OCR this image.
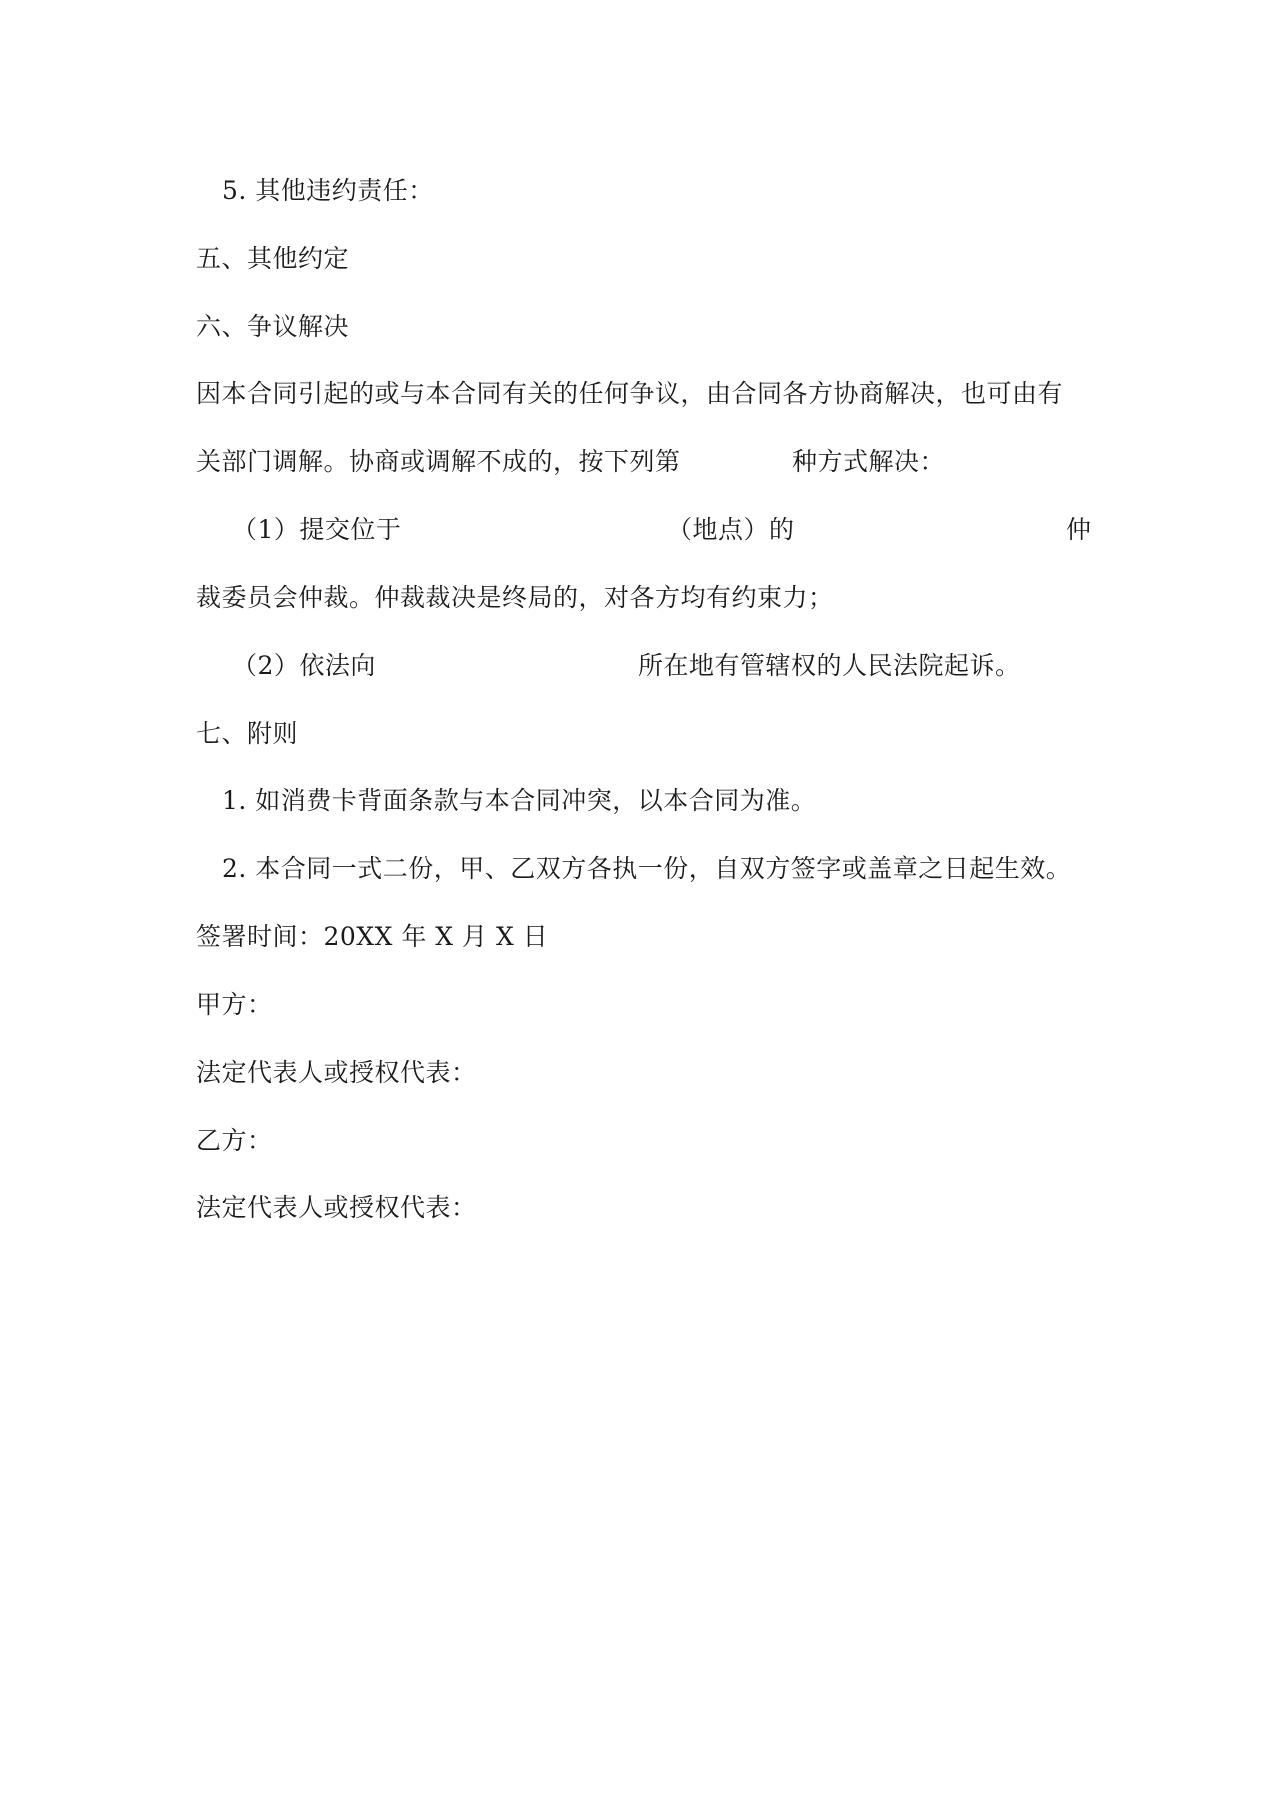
5. 其他违约责任：
五、其他约定
六、争议解决
因本合同引起的或与本合同有关的任何争议，由合同各方协商解决，也可由有
关部门调解。协商或调解不成的，按下列第	种方式解决：
（1）提交位于	（地点）的	仲
裁委员会仲裁。仲裁裁决是终局的，对各方均有约束力；
（2）依法向	所在地有管辖权的人民法院起诉。
七、附则
1. 如消费卡背面条款与本合同冲突，以本合同为准。
2. 本合同一式二份，甲、乙双方各执一份，自双方签字或盖章之日起生效。
签署时间：20XX 年 X 月 X 日
甲方：
法定代表人或授权代表：
乙方：
法定代表人或授权代表：
